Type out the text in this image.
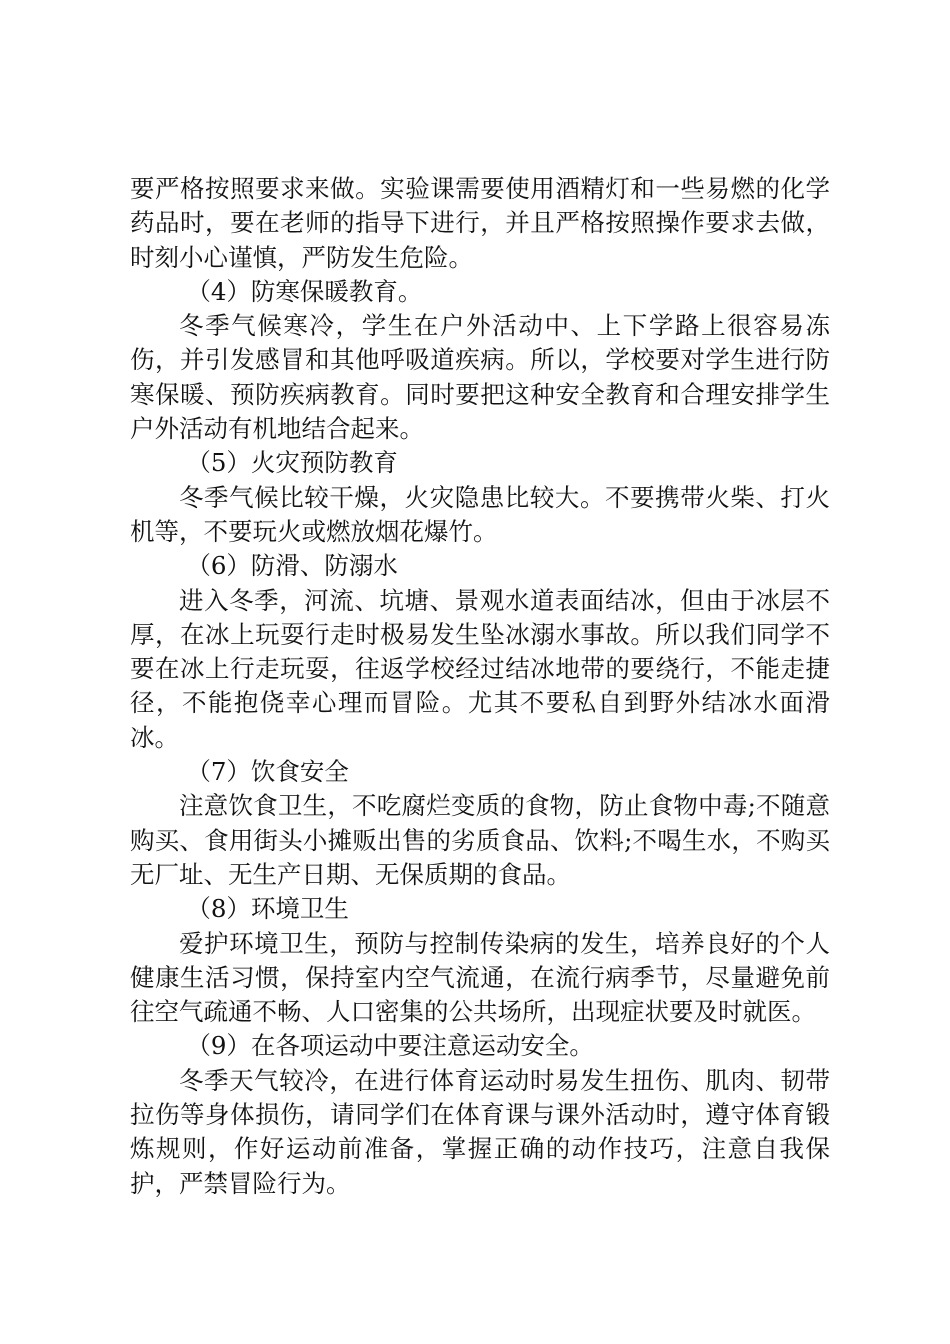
要严格按照要求来做。实验课需要使用酒精灯和一些易燃的化学药品时，要在老师的指导下进行，并且严格按照操作要求去做，时刻小心谨慎，严防发生危险。

（4）防寒保暖教育。

冬季气候寒冷，学生在户外活动中、上下学路上很容易冻伤，并引发感冒和其他呼吸道疾病。所以，学校要对学生进行防寒保暖、预防疾病教育。同时要把这种安全教育和合理安排学生户外活动有机地结合起来。

（5）火灾预防教育

冬季气候比较干燥，火灾隐患比较大。不要携带火柴、打火机等，不要玩火或燃放烟花爆竹。

（6）防滑、防溺水

进入冬季，河流、坑塘、景观水道表面结冰，但由于冰层不厚，在冰上玩耍行走时极易发生坠冰溺水事故。所以我们同学不要在冰上行走玩耍，往返学校经过结冰地带的要绕行，不能走捷径，不能抱侥幸心理而冒险。尤其不要私自到野外结冰水面滑冰。

（7）饮食安全

注意饮食卫生，不吃腐烂变质的食物，防止食物中毒;不随意购买、食用街头小摊贩出售的劣质食品、饮料;不喝生水，不购买无厂址、无生产日期、无保质期的食品。

（8）环境卫生

爱护环境卫生，预防与控制传染病的发生，培养良好的个人健康生活习惯，保持室内空气流通，在流行病季节，尽量避免前往空气疏通不畅、人口密集的公共场所，出现症状要及时就医。

（9）在各项运动中要注意运动安全。

冬季天气较冷，在进行体育运动时易发生扭伤、肌肉、韧带拉伤等身体损伤，请同学们在体育课与课外活动时，遵守体育锻炼规则，作好运动前准备，掌握正确的动作技巧，注意自我保护，严禁冒险行为。
